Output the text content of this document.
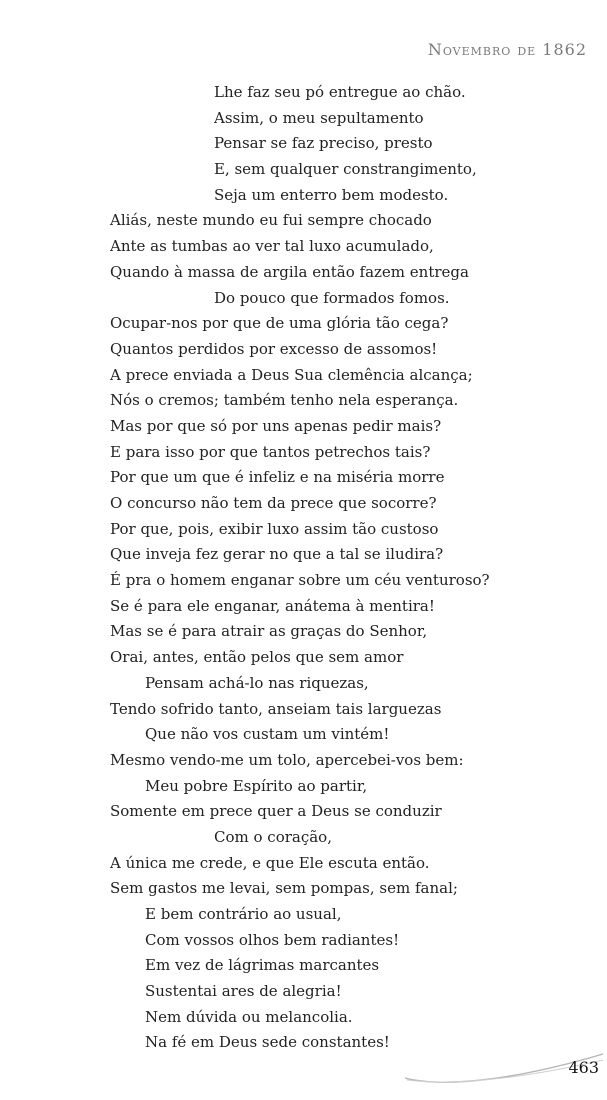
Novembro de 1862
Lhe faz seu pó entregue ao chão.
Assim, o meu sepultamento
Pensar se faz preciso, presto
E, sem qualquer constrangimento,
Seja um enterro bem modesto.
Aliás, neste mundo eu fui sempre chocado
Ante as tumbas ao ver tal luxo acumulado,
Quando à massa de argila então fazem entrega
Do pouco que formados fomos.
Ocupar-nos por que de uma glória tão cega?
Quantos perdidos por excesso de assomos!
A prece enviada a Deus Sua clemência alcança;
Nós o cremos; também tenho nela esperança.
Mas por que só por uns apenas pedir mais?
E para isso por que tantos petrechos tais?
Por que um que é infeliz e na miséria morre
O concurso não tem da prece que socorre?
Por que, pois, exibir luxo assim tão custoso
Que inveja fez gerar no que a tal se iludira?
É pra o homem enganar sobre um céu venturoso?
Se é para ele enganar, anátema à mentira!
Mas se é para atrair as graças do Senhor,
Orai, antes, então pelos que sem amor
Pensam achá-lo nas riquezas,
Tendo sofrido tanto, anseiam tais larguezas
Que não vos custam um vintém!
Mesmo vendo-me um tolo, apercebei-vos bem:
Meu pobre Espírito ao partir,
Somente em prece quer a Deus se conduzir
Com o coração,
A única me crede, e que Ele escuta então.
Sem gastos me levai, sem pompas, sem fanal;
E bem contrário ao usual,
Com vossos olhos bem radiantes!
Em vez de lágrimas marcantes
Sustentai ares de alegria!
Nem dúvida ou melancolia.
Na fé em Deus sede constantes!
463
